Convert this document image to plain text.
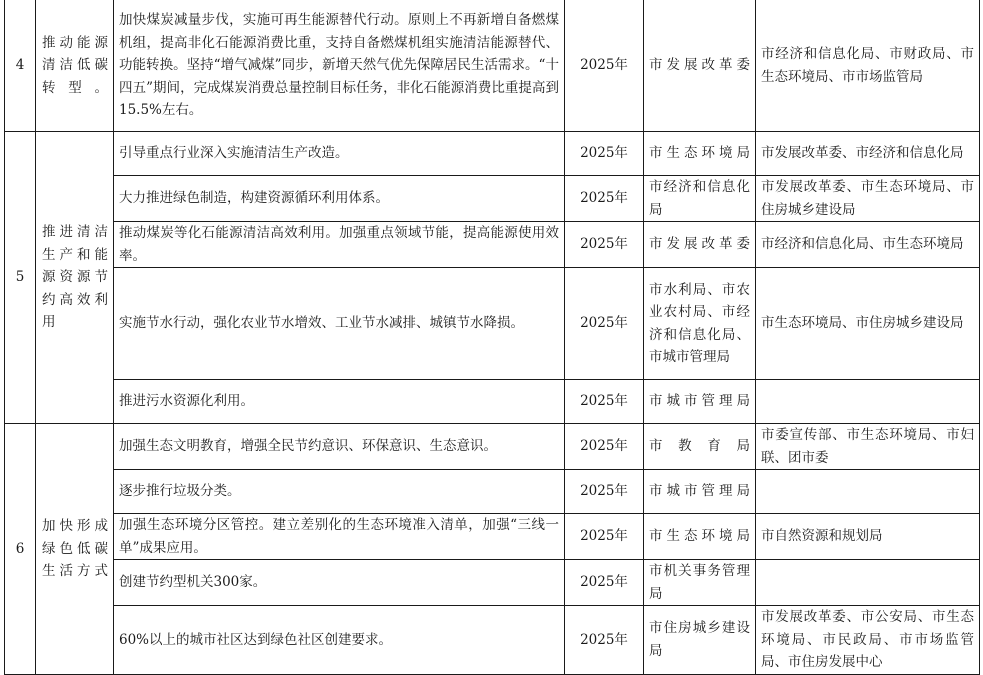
4	推动能源清洁低碳转型。	加快煤炭减量步伐，实施可再生能源替代行动。原则上不再新增自备燃煤机组，提高非化石能源消费比重，支持自备燃煤机组实施清洁能源替代、功能转换。坚持“增气减煤”同步，新增天然气优先保障居民生活需求。“十四五”期间，完成煤炭消费总量控制目标任务，非化石能源消费比重提高到15.5%左右。	2025年	市发展改革委	市经济和信息化局、市财政局、市生态环境局、市市场监管局
5	推进清洁生产和能源资源节约高效利用	引导重点行业深入实施清洁生产改造。	2025年	市生态环境局	市发展改革委、市经济和信息化局
		大力推进绿色制造，构建资源循环利用体系。	2025年	市经济和信息化局	市发展改革委、市生态环境局、市住房城乡建设局
		推动煤炭等化石能源清洁高效利用。加强重点领域节能，提高能源使用效率。	2025年	市发展改革委	市经济和信息化局、市生态环境局
		实施节水行动，强化农业节水增效、工业节水减排、城镇节水降损。	2025年	市水利局、市农业农村局、市经济和信息化局、市城市管理局	市生态环境局、市住房城乡建设局
		推进污水资源化利用。	2025年	市城市管理局	
6	加快形成绿色低碳生活方式	加强生态文明教育，增强全民节约意识、环保意识、生态意识。	2025年	市教育局	市委宣传部、市生态环境局、市妇联、团市委
		逐步推行垃圾分类。	2025年	市城市管理局	
		加强生态环境分区管控。建立差别化的生态环境准入清单，加强“三线一单”成果应用。	2025年	市生态环境局	市自然资源和规划局
		创建节约型机关300家。	2025年	市机关事务管理局	
		60%以上的城市社区达到绿色社区创建要求。	2025年	市住房城乡建设局	市发展改革委、市公安局、市生态环境局、市民政局、市市场监管局、市住房发展中心
